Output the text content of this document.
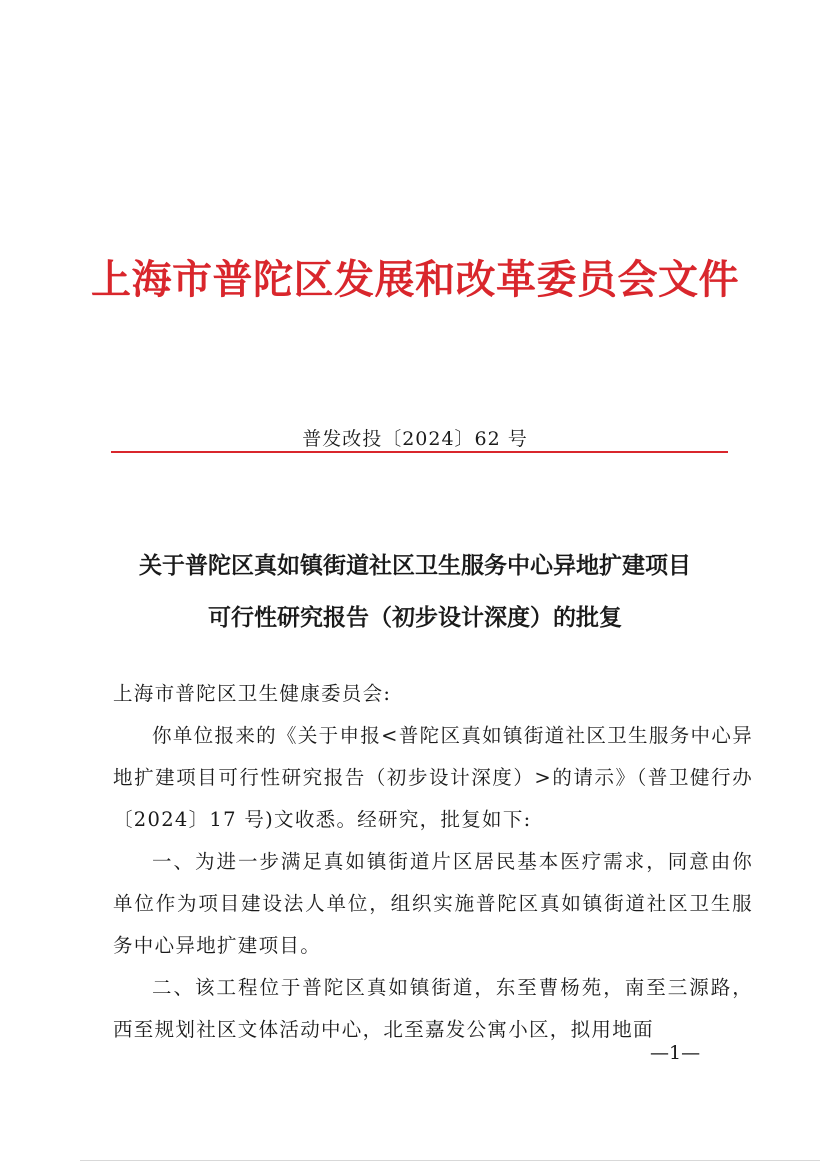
上海市普陀区发展和改革委员会文件
普发改投〔2024〕62 号
关于普陀区真如镇街道社区卫生服务中心异地扩建项目
可行性研究报告（初步设计深度）的批复

上海市普陀区卫生健康委员会:

你单位报来的《关于申报<普陀区真如镇街道社区卫生服务中心异地扩建项目可行性研究报告（初步设计深度）>的请示》（普卫健行办〔2024〕17 号)文收悉。经研究，批复如下:

一、为进一步满足真如镇街道片区居民基本医疗需求，同意由你单位作为项目建设法人单位，组织实施普陀区真如镇街道社区卫生服务中心异地扩建项目。

二、该工程位于普陀区真如镇街道，东至曹杨苑，南至三源路，西至规划社区文体活动中心，北至嘉发公寓小区，拟用地面

—1—
